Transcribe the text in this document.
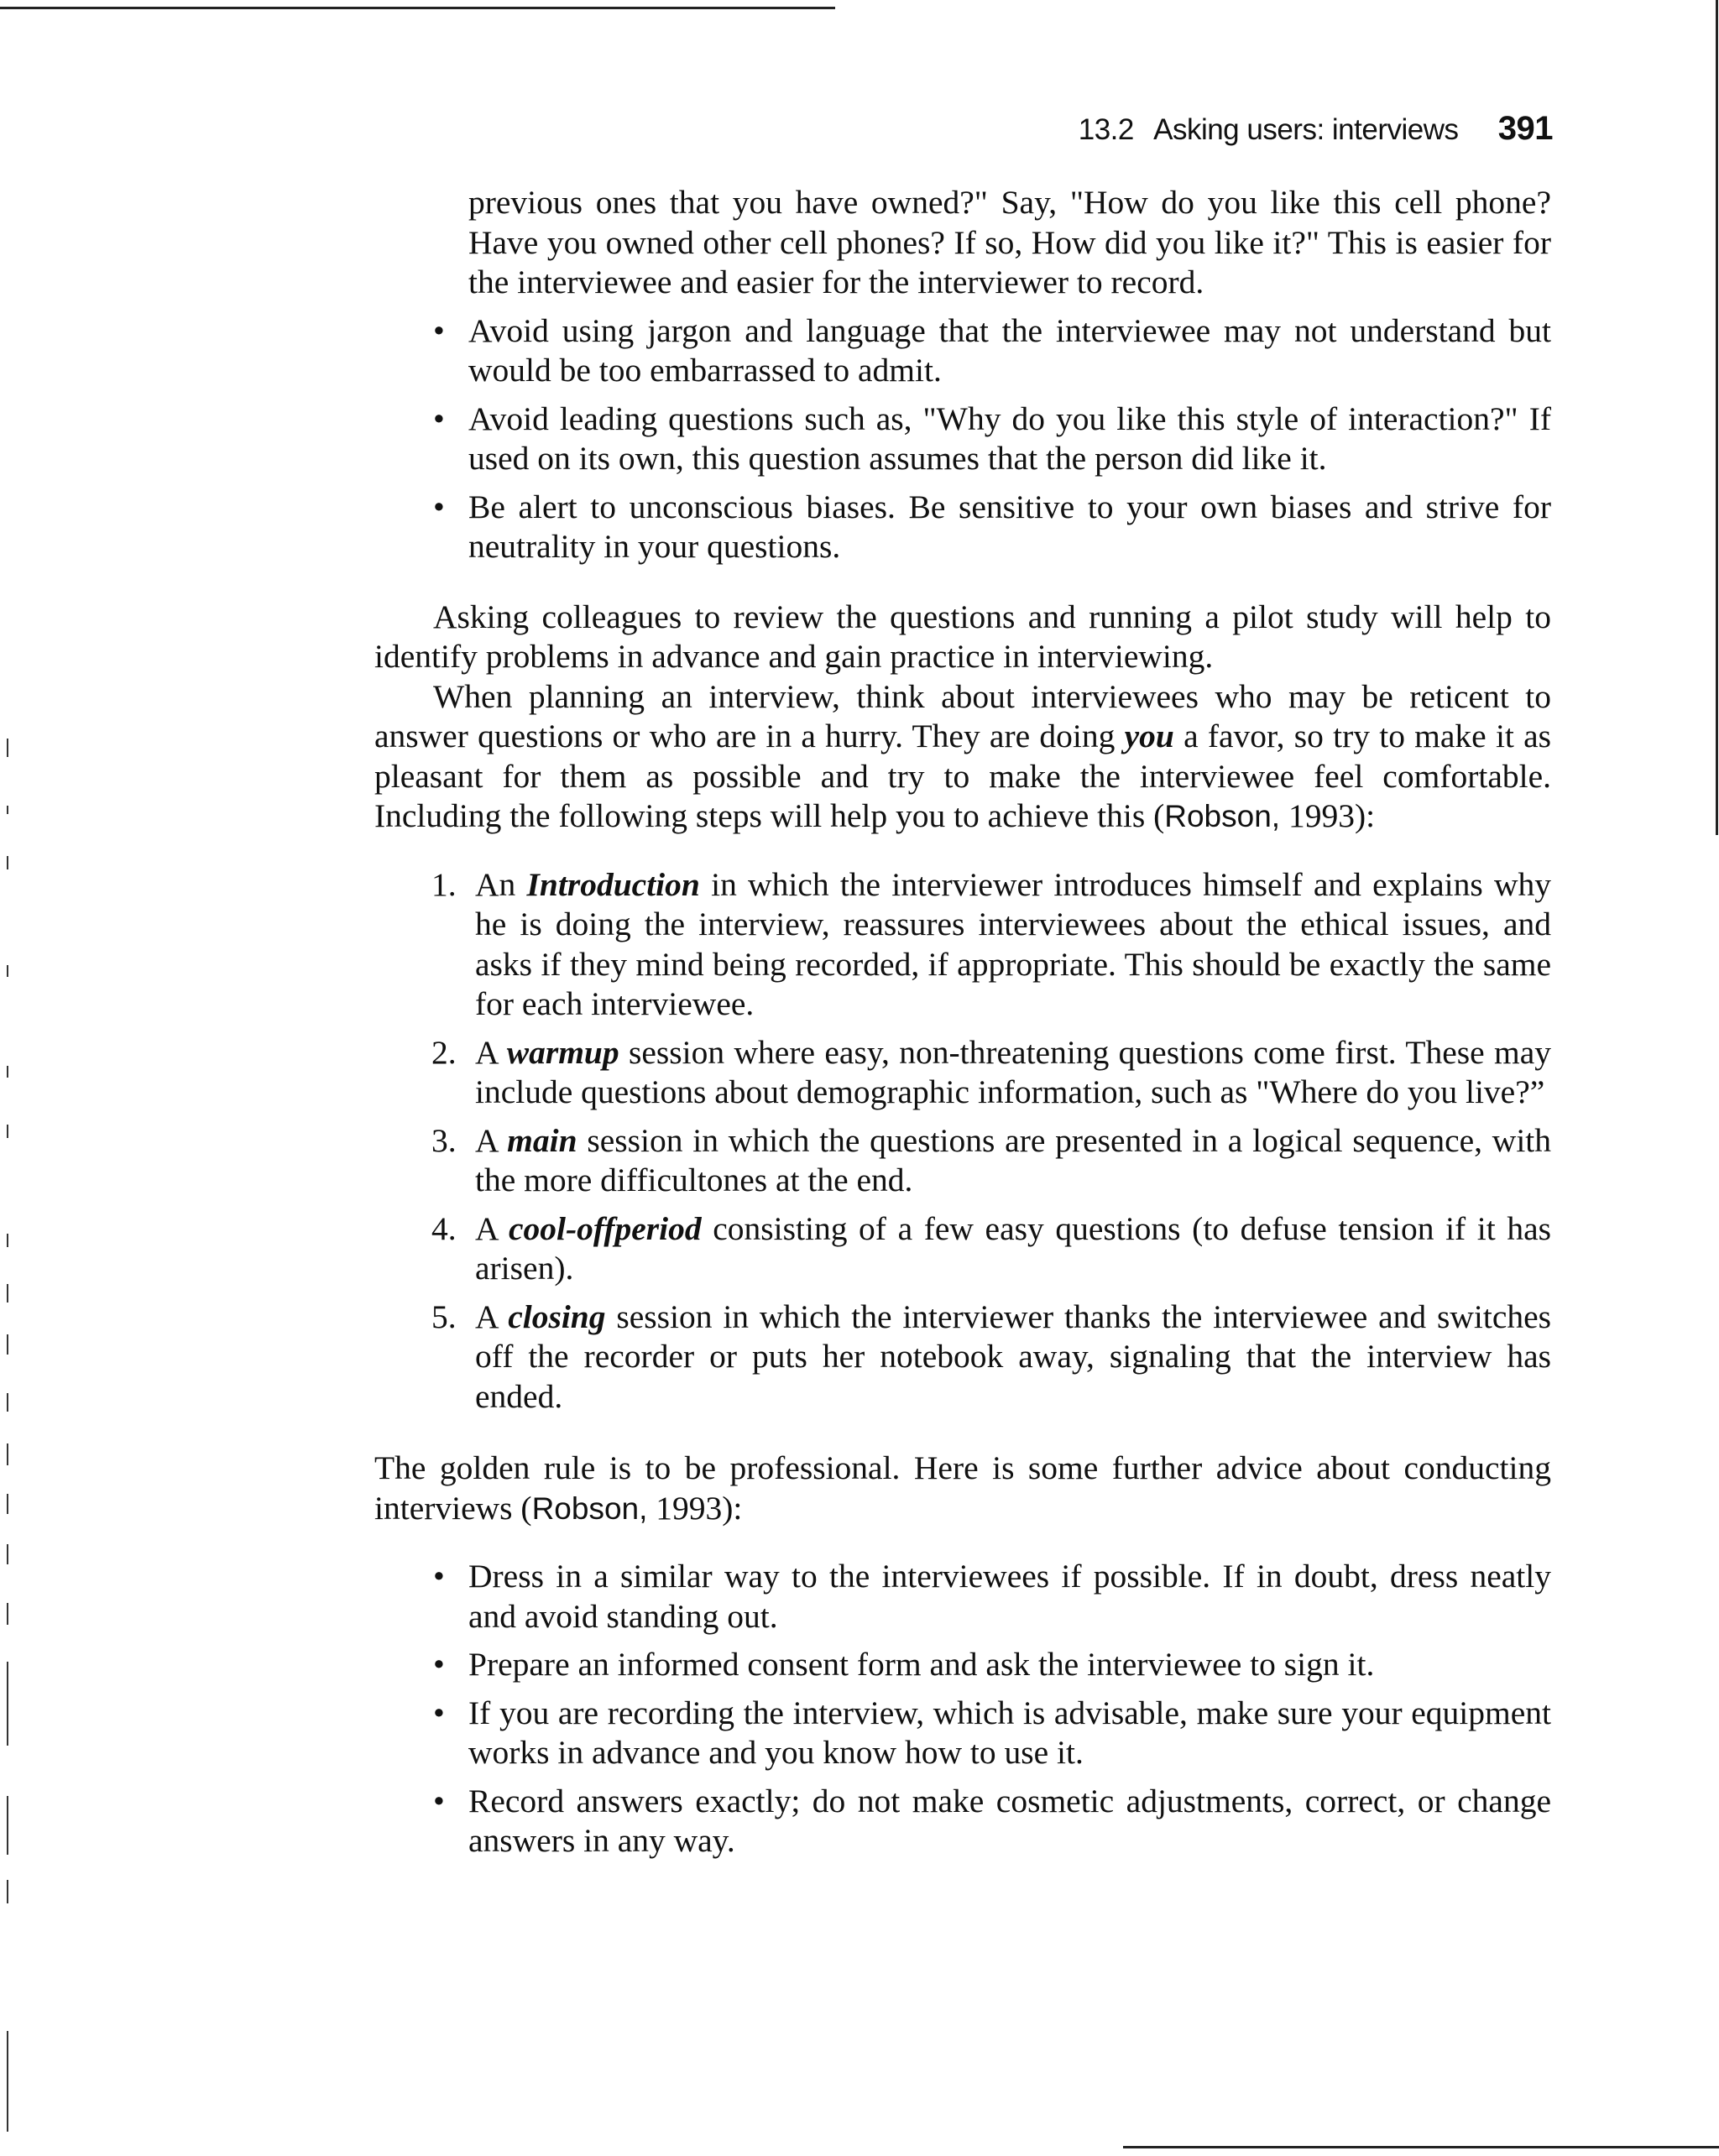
13.2 Asking users: interviews 391

previous ones that you have owned?" Say, "How do you like this cell phone? Have you owned other cell phones? If so, How did you like it?" This is easier for the interviewee and easier for the interviewer to record.

• Avoid using jargon and language that the interviewee may not understand but would be too embarrassed to admit.
• Avoid leading questions such as, "Why do you like this style of interaction?" If used on its own, this question assumes that the person did like it.
• Be alert to unconscious biases. Be sensitive to your own biases and strive for neutrality in your questions.

Asking colleagues to review the questions and running a pilot study will help to identify problems in advance and gain practice in interviewing.

When planning an interview, think about interviewees who may be reticent to answer questions or who are in a hurry. They are doing you a favor, so try to make it as pleasant for them as possible and try to make the interviewee feel comfortable. Including the following steps will help you to achieve this (Robson, 1993):

1. An Introduction in which the interviewer introduces himself and explains why he is doing the interview, reassures interviewees about the ethical issues, and asks if they mind being recorded, if appropriate. This should be exactly the same for each interviewee.
2. A warmup session where easy, non-threatening questions come first. These may include questions about demographic information, such as "Where do you live?”
3. A main session in which the questions are presented in a logical sequence, with the more difficultones at the end.
4. A cool-offperiod consisting of a few easy questions (to defuse tension if it has arisen).
5. A closing session in which the interviewer thanks the interviewee and switches off the recorder or puts her notebook away, signaling that the interview has ended.

The golden rule is to be professional. Here is some further advice about conducting interviews (Robson, 1993):

• Dress in a similar way to the interviewees if possible. If in doubt, dress neatly and avoid standing out.
• Prepare an informed consent form and ask the interviewee to sign it.
• If you are recording the interview, which is advisable, make sure your equipment works in advance and you know how to use it.
• Record answers exactly; do not make cosmetic adjustments, correct, or change answers in any way.
